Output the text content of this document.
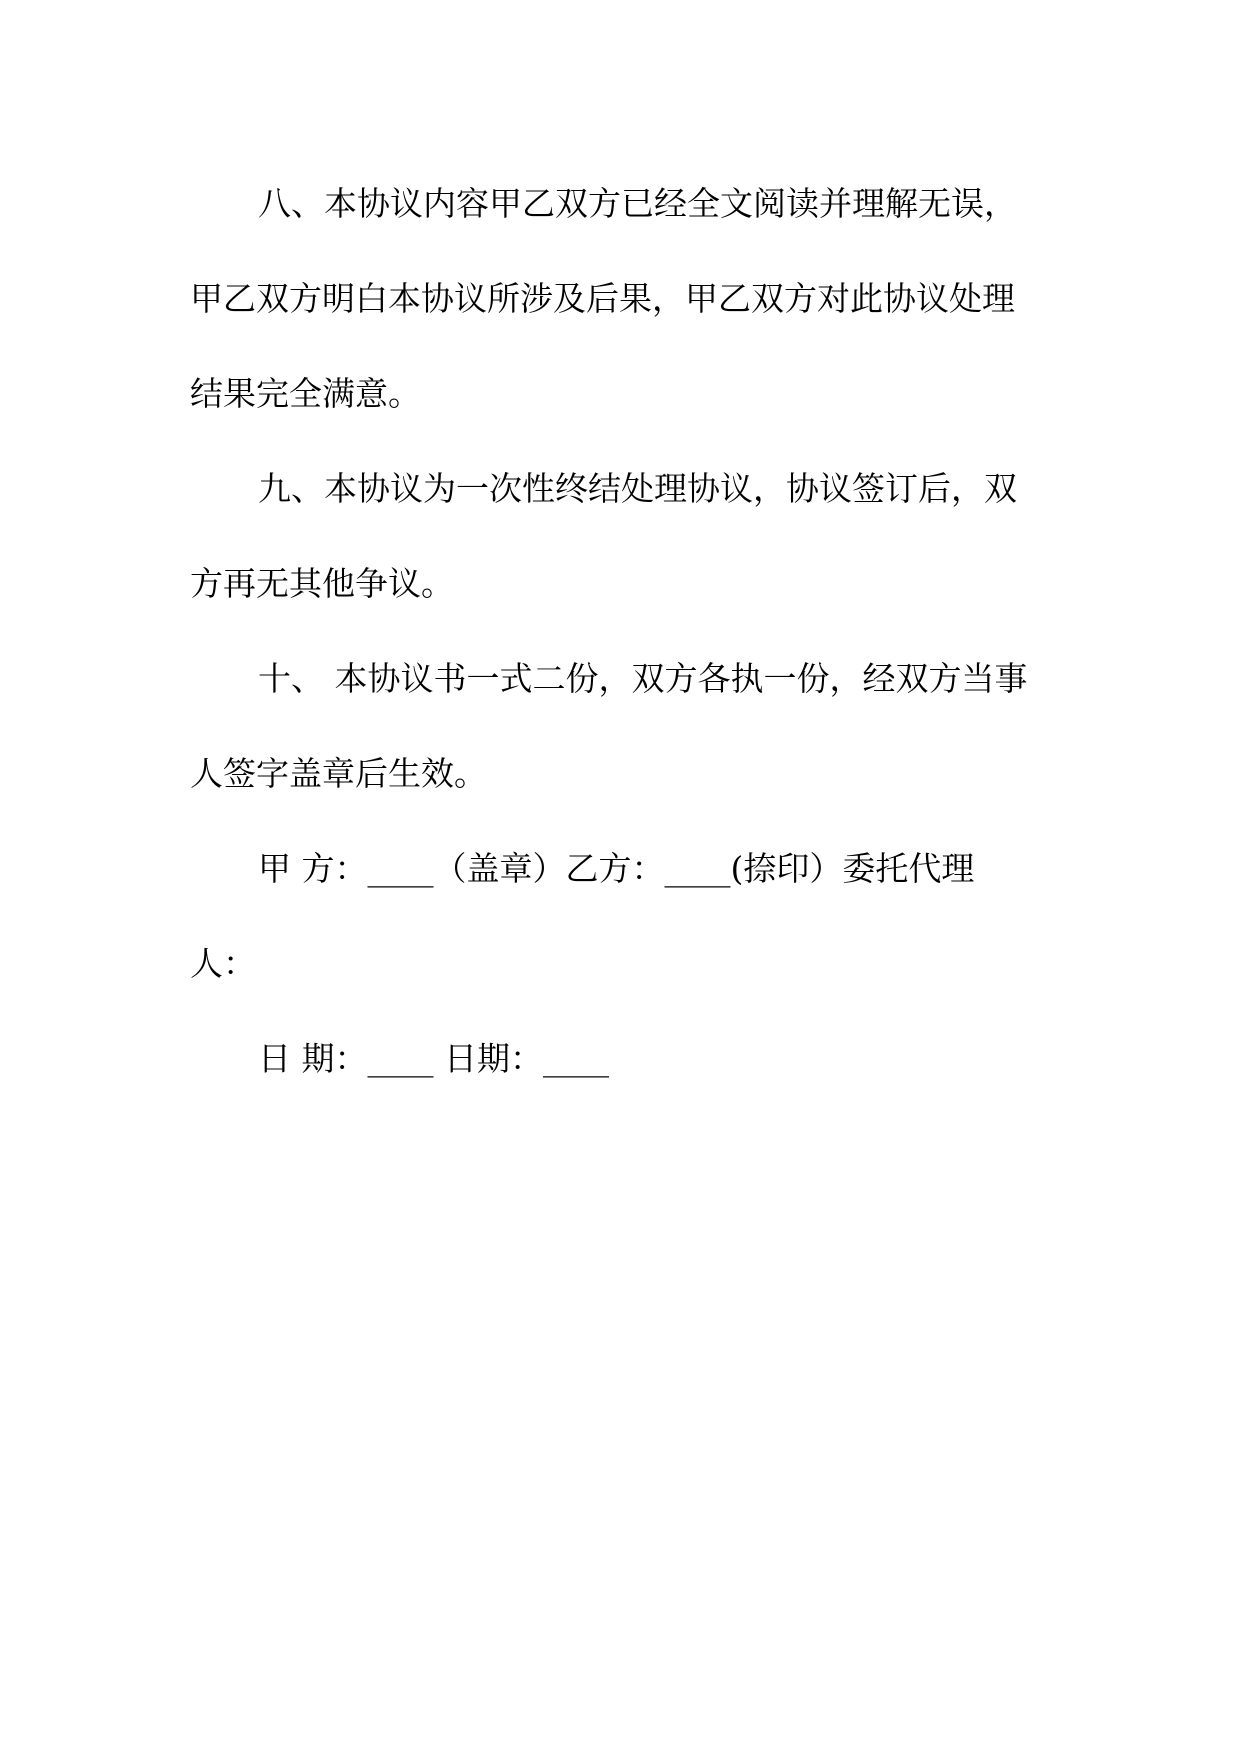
八、本协议内容甲乙双方已经全文阅读并理解无误，
甲乙双方明白本协议所涉及后果，甲乙双方对此协议处理
结果完全满意。
九、本协议为一次性终结处理协议，协议签订后，双
方再无其他争议。
十、 本协议书一式二份，双方各执一份，经双方当事
人签字盖章后生效。
甲 方：____（盖章）乙方：____(捺印）委托代理
人：
日 期：____ 日期：____
